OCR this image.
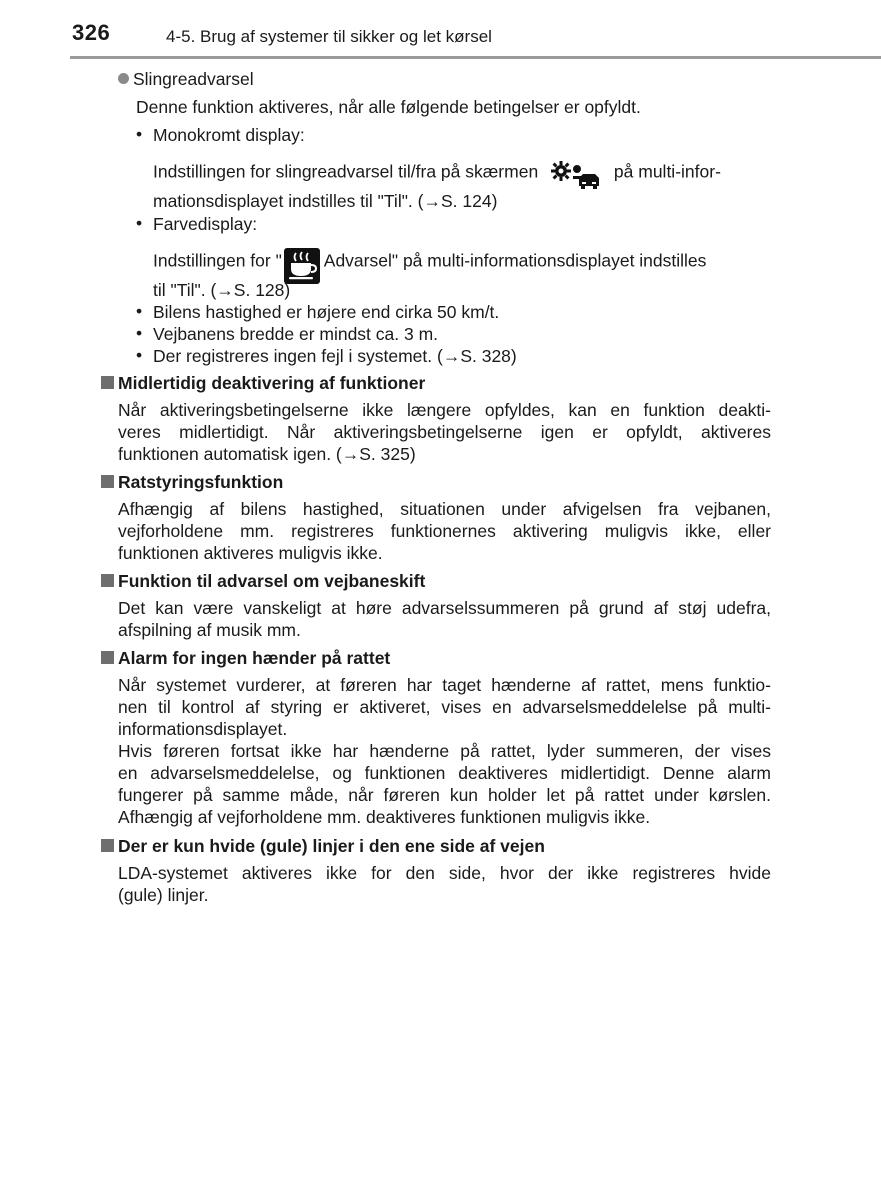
326	4-5. Brug af systemer til sikker og let kørsel
Slingreadvarsel
Denne funktion aktiveres, når alle følgende betingelser er opfyldt.
• Monokromt display:
Indstillingen for slingreadvarsel til/fra på skærmen	på multi-infor-
mationsdisplayet indstilles til "Til". (→S. 124)
• Farvedisplay:
Indstillingen for " Advarsel" på multi-informationsdisplayet indstilles
til "Til". (→S. 128)
• Bilens hastighed er højere end cirka 50 km/t.
• Vejbanens bredde er mindst ca. 3 m.
• Der registreres ingen fejl i systemet. (→S. 328)
Midlertidig deaktivering af funktioner
Når aktiveringsbetingelserne ikke længere opfyldes, kan en funktion deakti-
veres midlertidigt. Når aktiveringsbetingelserne igen er opfyldt, aktiveres
funktionen automatisk igen. (→S. 325)
Ratstyringsfunktion
Afhængig af bilens hastighed, situationen under afvigelsen fra vejbanen,
vejforholdene mm. registreres funktionernes aktivering muligvis ikke, eller
funktionen aktiveres muligvis ikke.
Funktion til advarsel om vejbaneskift
Det kan være vanskeligt at høre advarselssummeren på grund af støj udefra,
afspilning af musik mm.
Alarm for ingen hænder på rattet
Når systemet vurderer, at føreren har taget hænderne af rattet, mens funktio-
nen til kontrol af styring er aktiveret, vises en advarselsmeddelelse på multi-
informationsdisplayet.
Hvis føreren fortsat ikke har hænderne på rattet, lyder summeren, der vises
en advarselsmeddelelse, og funktionen deaktiveres midlertidigt. Denne alarm
fungerer på samme måde, når føreren kun holder let på rattet under kørslen.
Afhængig af vejforholdene mm. deaktiveres funktionen muligvis ikke.
Der er kun hvide (gule) linjer i den ene side af vejen
LDA-systemet aktiveres ikke for den side, hvor der ikke registreres hvide
(gule) linjer.
